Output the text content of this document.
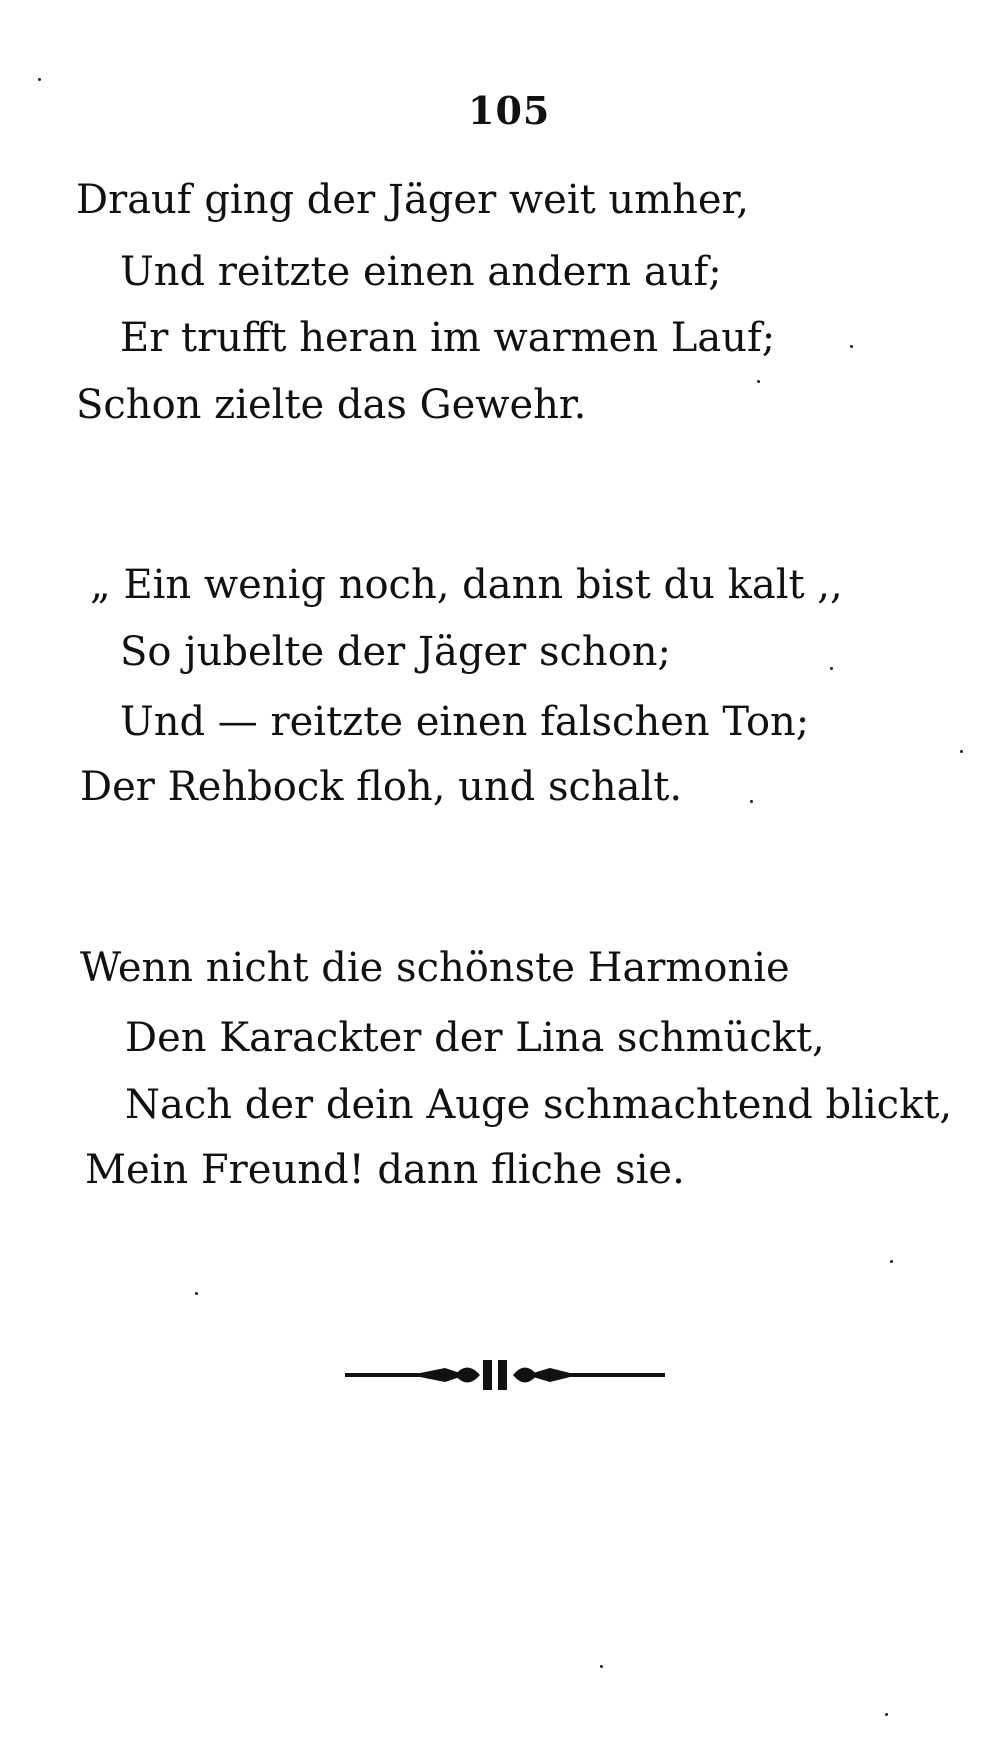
105
Drauf ging der Jäger weit umher,
Und reitzte einen andern auf;
Er trufft heran im warmen Lauf;
Schon zielte das Gewehr.
„ Ein wenig noch, dann bist du kalt ,,
So jubelte der Jäger schon;
Und — reitzte einen falschen Ton;
Der Rehbock floh, und schalt.
Wenn nicht die schönste Harmonie
Den Karackter der Lina schmückt,
Nach der dein Auge schmachtend blickt,
Mein Freund! dann fliche sie.
